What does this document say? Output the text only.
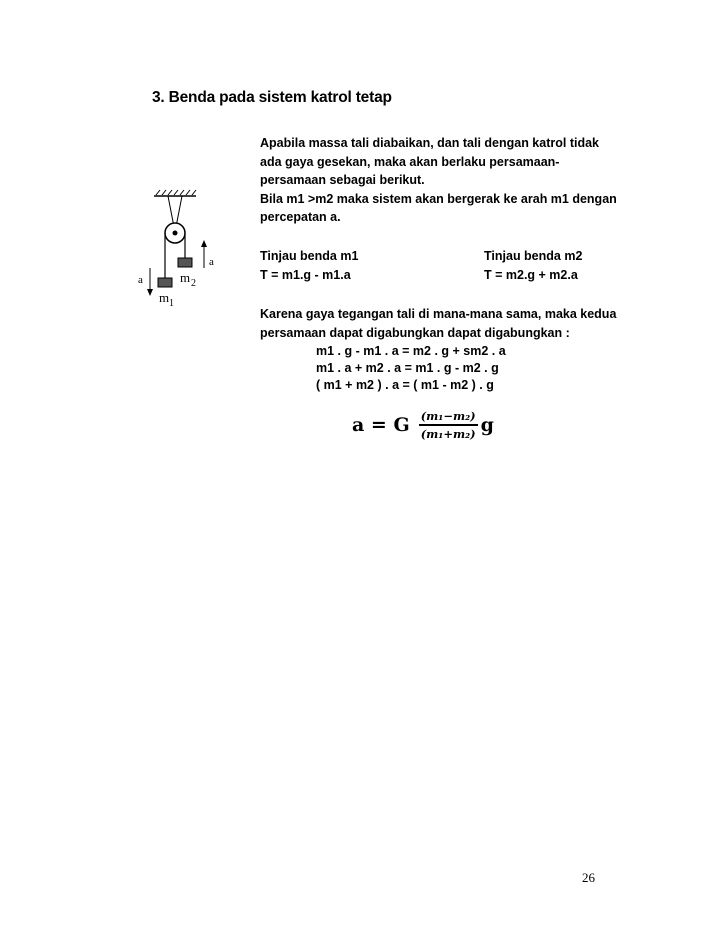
3. Benda pada sistem katrol tetap
a
a
m 1
m 2
Apabila massa tali diabaikan, dan tali dengan katrol tidak
ada gaya gesekan, maka akan berlaku persamaan-
persamaan sebagai berikut.
Bila m1 >m2 maka sistem akan bergerak ke arah m1 dengan
percepatan a.
Tinjau benda m1
T = m1.g - m1.a
Tinjau benda m2
T = m2.g + m2.a
Karena gaya tegangan tali di mana-mana sama, maka kedua
persamaan dapat digabungkan dapat digabungkan :
m1 . g - m1 . a = m2 . g + sm2 . a
m1 . a + m2 . a = m1 . g - m2 . g
( m1 + m2 ) . a = ( m1 - m2 ) . g
a = G $\frac{\text{(m₁−m₂)}}{\text{(m₁+m₂)}}$ g
26
